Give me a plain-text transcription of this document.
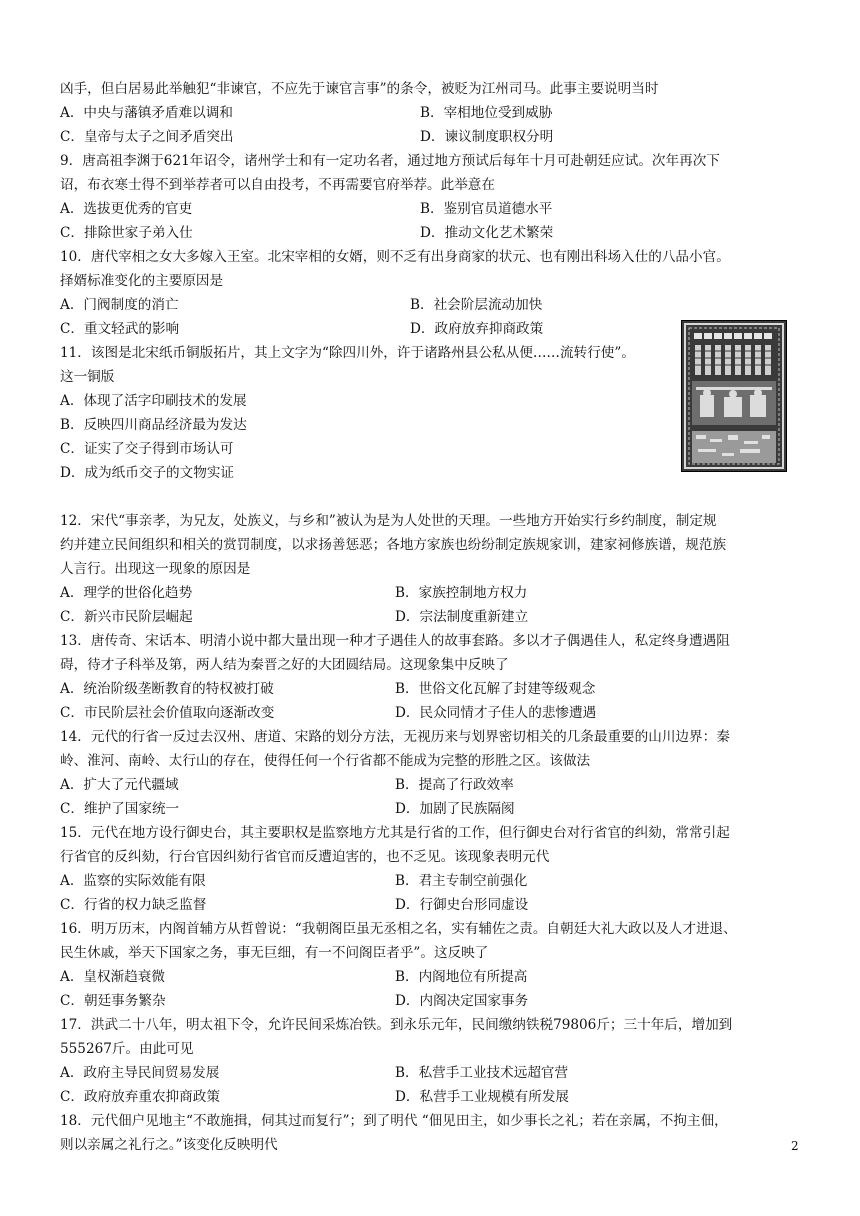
凶手，但白居易此举触犯“非谏官，不应先于谏官言事”的条令，被贬为江州司马。此事主要说明当时
A．中央与藩镇矛盾难以调和	B．宰相地位受到威胁
C．皇帝与太子之间矛盾突出	D．谏议制度职权分明
9．唐高祖李渊于621年诏令，诸州学士和有一定功名者，通过地方预试后每年十月可赴朝廷应试。次年再次下
诏，布衣寒士得不到举荐者可以自由投考，不再需要官府举荐。此举意在
A．选拔更优秀的官吏	B．鉴别官员道德水平
C．排除世家子弟入仕	D．推动文化艺术繁荣
10．唐代宰相之女大多嫁入王室。北宋宰相的女婿，则不乏有出身商家的状元、也有刚出科场入仕的八品小官。
择婿标准变化的主要原因是
A．门阀制度的消亡	B．社会阶层流动加快
C．重文轻武的影响	D．政府放弃抑商政策
11．该图是北宋纸币铜版拓片，其上文字为“除四川外，许于诸路州县公私从便……流转行使”。
这一铜版
A．体现了活字印刷技术的发展
B．反映四川商品经济最为发达
C．证实了交子得到市场认可
D．成为纸币交子的文物实证
12．宋代“事亲孝，为兄友，处族义，与乡和”被认为是为人处世的天理。一些地方开始实行乡约制度，制定规
约并建立民间组织和相关的赏罚制度，以求扬善惩恶；各地方家族也纷纷制定族规家训，建家祠修族谱，规范族
人言行。出现这一现象的原因是
A．理学的世俗化趋势	B．家族控制地方权力
C．新兴市民阶层崛起	D．宗法制度重新建立
13．唐传奇、宋话本、明清小说中都大量出现一种才子遇佳人的故事套路。多以才子偶遇佳人，私定终身遭遇阻
碍，待才子科举及第，两人结为秦晋之好的大团圆结局。这现象集中反映了
A．统治阶级垄断教育的特权被打破	B．世俗文化瓦解了封建等级观念
C．市民阶层社会价值取向逐渐改变	D．民众同情才子佳人的悲惨遭遇
14．元代的行省一反过去汉州、唐道、宋路的划分方法，无视历来与划界密切相关的几条最重要的山川边界：秦
岭、淮河、南岭、太行山的存在，使得任何一个行省都不能成为完整的形胜之区。该做法
A．扩大了元代疆域	B．提高了行政效率
C．维护了国家统一	D．加剧了民族隔阂
15．元代在地方设行御史台，其主要职权是监察地方尤其是行省的工作，但行御史台对行省官的纠劾，常常引起
行省官的反纠劾，行台官因纠劾行省官而反遭迫害的，也不乏见。该现象表明元代
A．监察的实际效能有限	B．君主专制空前强化
C．行省的权力缺乏监督	D．行御史台形同虚设
16．明万历末，内阁首辅方从哲曾说：“我朝阁臣虽无丞相之名，实有辅佐之责。自朝廷大礼大政以及人才进退、
民生休戚，举天下国家之务，事无巨细，有一不问阁臣者乎”。这反映了
A．皇权渐趋衰微	B．内阁地位有所提高
C．朝廷事务繁杂	D．内阁决定国家事务
17．洪武二十八年，明太祖下令，允许民间采炼冶铁。到永乐元年，民间缴纳铁税79806斤；三十年后，增加到
555267斤。由此可见
A．政府主导民间贸易发展	B．私营手工业技术远超官营
C．政府放弃重农抑商政策	D．私营手工业规模有所发展
18．元代佃户见地主“不敢施揖，伺其过而复行”；到了明代 “佃见田主，如少事长之礼；若在亲属，不拘主佃，
则以亲属之礼行之。”该变化反映明代	2
